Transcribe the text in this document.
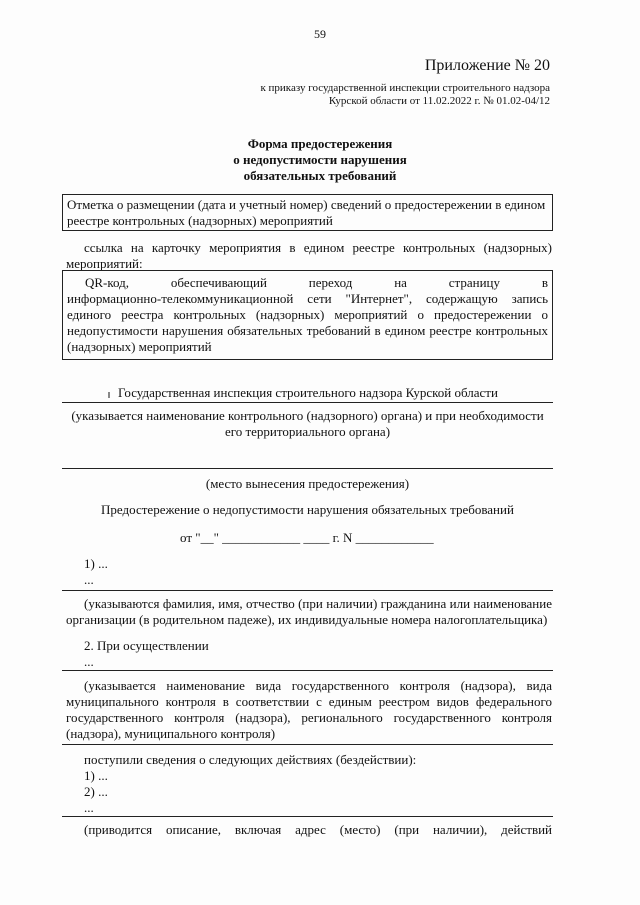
59
Приложение № 20
к приказу государственной инспекции строительного надзора
Курской области от 11.02.2022 г. № 01.02-04/12
Форма предостережения
о недопустимости нарушения
обязательных требований
Отметка о размещении (дата и учетный номер) сведений о предостережении в едином
реестре контрольных (надзорных) мероприятий
ссылка на карточку мероприятия в едином реестре контрольных (надзорных)
мероприятий:
QR-код, обеспечивающий переход на страницу в
информационно-телекоммуникационной сети "Интернет", содержащую запись
единого реестра контрольных (надзорных) мероприятий о предостережении о
недопустимости нарушения обязательных требований в едином реестре контрольных
(надзорных) мероприятий
Государственная инспекция строительного надзора Курской области
(указывается наименование контрольного (надзорного) органа) и при необходимости
его территориального органа)
(место вынесения предостережения)
Предостережение о недопустимости нарушения обязательных требований
от "__" ____________ ____ г. N ____________
1) ...
...
(указываются фамилия, имя, отчество (при наличии) гражданина или наименование
организации (в родительном падеже), их индивидуальные номера налогоплательщика)
2. При осуществлении
...
(указывается наименование вида государственного контроля (надзора), вида
муниципального контроля в соответствии с единым реестром видов федерального
государственного контроля (надзора), регионального государственного контроля
(надзора), муниципального контроля)
поступили сведения о следующих действиях (бездействии):
1) ...
2) ...
...
(приводится описание, включая адрес (место) (при наличии), действий
